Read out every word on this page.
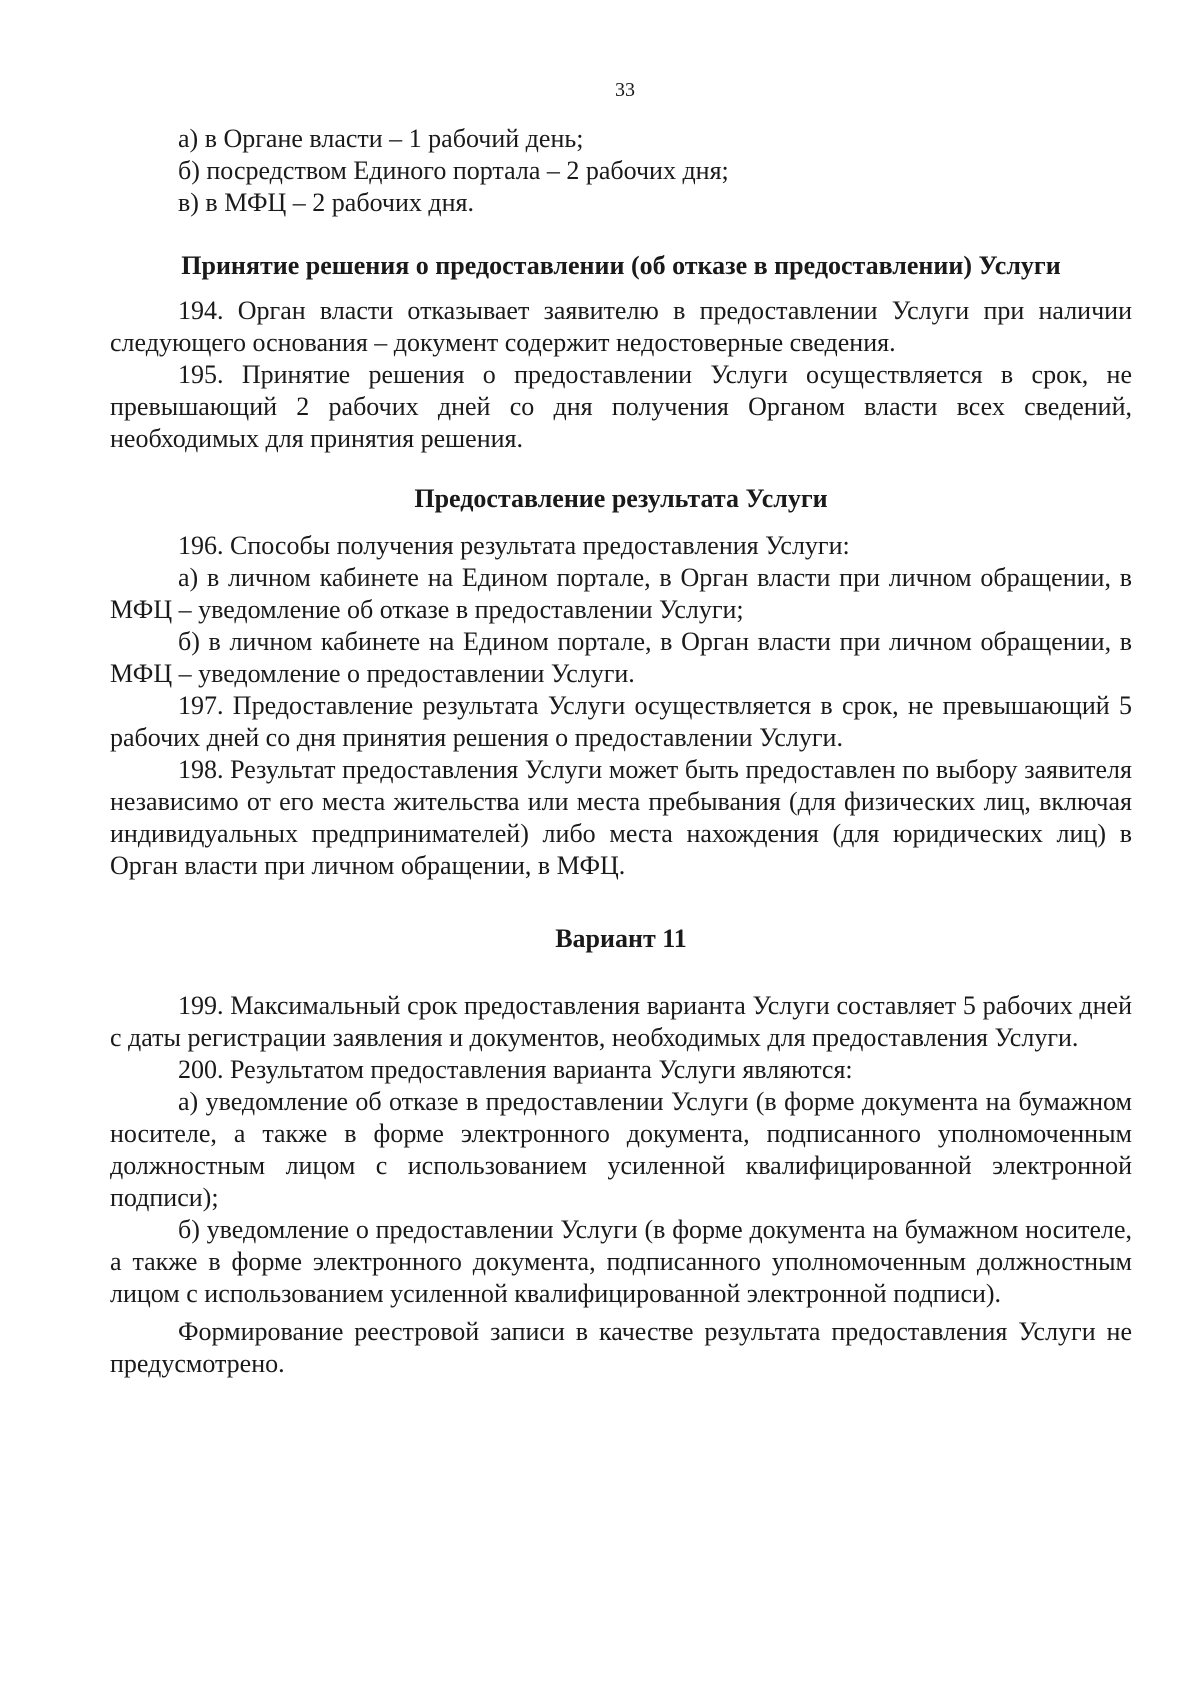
33

а) в Органе власти – 1 рабочий день;

б) посредством Единого портала – 2 рабочих дня;

в) в МФЦ – 2 рабочих дня.

Принятие решения о предоставлении (об отказе в предоставлении) Услуги

194. Орган власти отказывает заявителю в предоставлении Услуги при наличии следующего основания – документ содержит недостоверные сведения.

195. Принятие решения о предоставлении Услуги осуществляется в срок, не превышающий 2 рабочих дней со дня получения Органом власти всех сведений, необходимых для принятия решения.

Предоставление результата Услуги

196. Способы получения результата предоставления Услуги:

а) в личном кабинете на Едином портале, в Орган власти при личном обращении, в МФЦ – уведомление об отказе в предоставлении Услуги;

б) в личном кабинете на Едином портале, в Орган власти при личном обращении, в МФЦ – уведомление о предоставлении Услуги.

197. Предоставление результата Услуги осуществляется в срок, не превышающий 5 рабочих дней со дня принятия решения о предоставлении Услуги.

198. Результат предоставления Услуги может быть предоставлен по выбору заявителя независимо от его места жительства или места пребывания (для физических лиц, включая индивидуальных предпринимателей) либо места нахождения (для юридических лиц) в Орган власти при личном обращении, в МФЦ.

Вариант 11

199. Максимальный срок предоставления варианта Услуги составляет 5 рабочих дней с даты регистрации заявления и документов, необходимых для предоставления Услуги.

200. Результатом предоставления варианта Услуги являются:

а) уведомление об отказе в предоставлении Услуги (в форме документа на бумажном носителе, а также в форме электронного документа, подписанного уполномоченным должностным лицом с использованием усиленной квалифицированной электронной подписи);

б) уведомление о предоставлении Услуги (в форме документа на бумажном носителе, а также в форме электронного документа, подписанного уполномоченным должностным лицом с использованием усиленной квалифицированной электронной подписи).

Формирование реестровой записи в качестве результата предоставления Услуги не предусмотрено.
